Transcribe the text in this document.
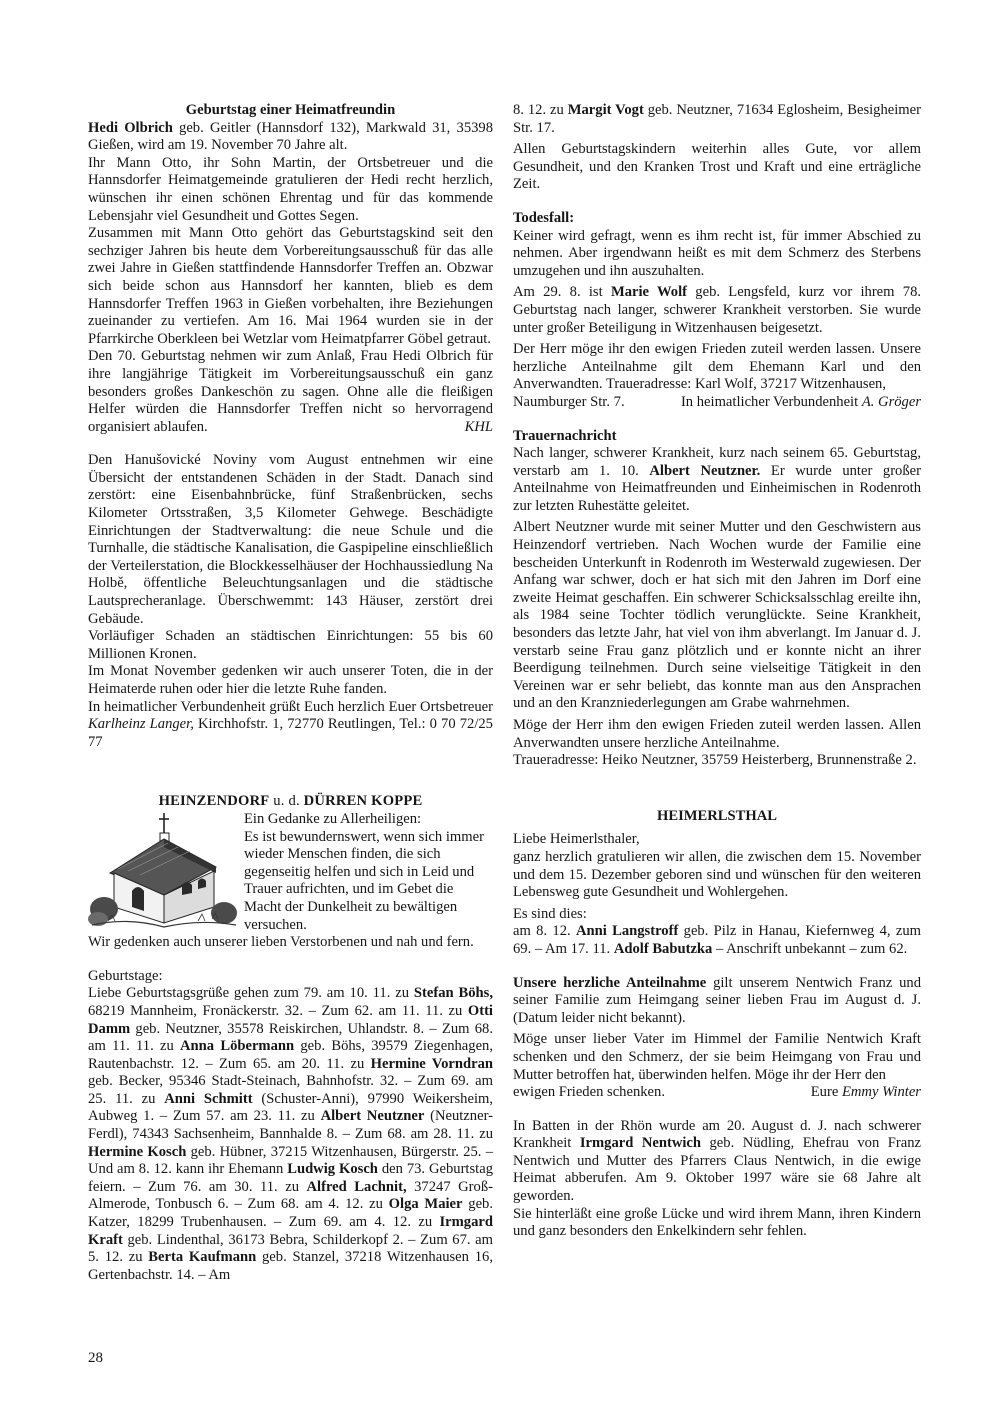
Geburtstag einer Heimatfreundin

Hedi Olbrich geb. Geitler (Hannsdorf 132), Markwald 31, 35398 Gießen, wird am 19. November 70 Jahre alt.

Ihr Mann Otto, ihr Sohn Martin, der Ortsbetreuer und die Hannsdorfer Heimatgemeinde gratulieren der Hedi recht herzlich, wünschen ihr einen schönen Ehrentag und für das kommende Lebensjahr viel Gesundheit und Gottes Segen.

Zusammen mit Mann Otto gehört das Geburtstagskind seit den sechziger Jahren bis heute dem Vorbereitungsausschuß für das alle zwei Jahre in Gießen stattfindende Hannsdorfer Treffen an. Obzwar sich beide schon aus Hannsdorf her kannten, blieb es dem Hannsdorfer Treffen 1963 in Gießen vorbehalten, ihre Beziehungen zueinander zu vertiefen. Am 16. Mai 1964 wurden sie in der Pfarrkirche Oberkleen bei Wetzlar vom Heimatpfarrer Göbel getraut.

Den 70. Geburtstag nehmen wir zum Anlaß, Frau Hedi Olbrich für ihre langjährige Tätigkeit im Vorbereitungsausschuß ein ganz besonders großes Dankeschön zu sagen. Ohne alle die fleißigen Helfer würden die Hannsdorfer Treffen nicht so hervorragend organisiert ablaufen.	KHL

Den Hanušovické Noviny vom August entnehmen wir eine Übersicht der entstandenen Schäden in der Stadt. Danach sind zerstört: eine Eisenbahnbrücke, fünf Straßenbrücken, sechs Kilometer Ortsstraßen, 3,5 Kilometer Gehwege. Beschädigte Einrichtungen der Stadtverwaltung: die neue Schule und die Turnhalle, die städtische Kanalisation, die Gaspipeline einschließlich der Verteilerstation, die Blockkesselhäuser der Hochhaussiedlung Na Holbě, öffentliche Beleuchtungsanlagen und die städtische Lautsprecheranlage. Überschwemmt: 143 Häuser, zerstört drei Gebäude.

Vorläufiger Schaden an städtischen Einrichtungen: 55 bis 60 Millionen Kronen.

Im Monat November gedenken wir auch unserer Toten, die in der Heimaterde ruhen oder hier die letzte Ruhe fanden.

In heimatlicher Verbundenheit grüßt Euch herzlich Euer Ortsbetreuer Karlheinz Langer, Kirchhofstr. 1, 72770 Reutlingen, Tel.: 0 70 72/25 77

HEINZENDORF u. d. DÜRREN KOPPE

Ein Gedanke zu Allerheiligen:

Es ist bewundernswert, wenn sich immer wieder Menschen finden, die sich gegenseitig helfen und sich in Leid und Trauer aufrichten, und im Gebet die Macht der Dunkelheit zu bewältigen versuchen.

Wir gedenken auch unserer lieben Verstorbenen und nah und fern.

Geburtstage:

Liebe Geburtstagsgrüße gehen zum 79. am 10. 11. zu Stefan Böhs, 68219 Mannheim, Fronäckerstr. 32. – Zum 62. am 11. 11. zu Otti Damm geb. Neutzner, 35578 Reiskirchen, Uhlandstr. 8. – Zum 68. am 11. 11. zu Anna Löbermann geb. Böhs, 39579 Ziegenhagen, Rautenbachstr. 12. – Zum 65. am 20. 11. zu Hermine Vorndran geb. Becker, 95346 Stadt-Steinach, Bahnhofstr. 32. – Zum 69. am 25. 11. zu Anni Schmitt (Schuster-Anni), 97990 Weikersheim, Aubweg 1. – Zum 57. am 23. 11. zu Albert Neutzner (Neutzner-Ferdl), 74343 Sachsenheim, Bannhalde 8. – Zum 68. am 28. 11. zu Hermine Kosch geb. Hübner, 37215 Witzenhausen, Bürgerstr. 25. – Und am 8. 12. kann ihr Ehemann Ludwig Kosch den 73. Geburtstag feiern. – Zum 76. am 30. 11. zu Alfred Lachnit, 37247 Groß-Almerode, Tonbusch 6. – Zum 68. am 4. 12. zu Olga Maier geb. Katzer, 18299 Trubenhausen. – Zum 69. am 4. 12. zu Irmgard Kraft geb. Lindenthal, 36173 Bebra, Schilderkopf 2. – Zum 67. am 5. 12. zu Berta Kaufmann geb. Stanzel, 37218 Witzenhausen 16, Gertenbachstr. 14. – Am

8. 12. zu Margit Vogt geb. Neutzner, 71634 Eglosheim, Besigheimer Str. 17.

Allen Geburtstagskindern weiterhin alles Gute, vor allem Gesundheit, und den Kranken Trost und Kraft und eine erträgliche Zeit.

Todesfall:

Keiner wird gefragt, wenn es ihm recht ist, für immer Abschied zu nehmen. Aber irgendwann heißt es mit dem Schmerz des Sterbens umzugehen und ihn auszuhalten.

Am 29. 8. ist Marie Wolf geb. Lengsfeld, kurz vor ihrem 78. Geburtstag nach langer, schwerer Krankheit verstorben. Sie wurde unter großer Beteiligung in Witzenhausen beigesetzt.

Der Herr möge ihr den ewigen Frieden zuteil werden lassen. Unsere herzliche Anteilnahme gilt dem Ehemann Karl und den Anverwandten. Traueradresse: Karl Wolf, 37217 Witzenhausen,

Naumburger Str. 7.	In heimatlicher Verbundenheit A. Gröger

Trauernachricht

Nach langer, schwerer Krankheit, kurz nach seinem 65. Geburtstag, verstarb am 1. 10. Albert Neutzner. Er wurde unter großer Anteilnahme von Heimatfreunden und Einheimischen in Rodenroth zur letzten Ruhestätte geleitet.

Albert Neutzner wurde mit seiner Mutter und den Geschwistern aus Heinzendorf vertrieben. Nach Wochen wurde der Familie eine bescheiden Unterkunft in Rodenroth im Westerwald zugewiesen. Der Anfang war schwer, doch er hat sich mit den Jahren im Dorf eine zweite Heimat geschaffen. Ein schwerer Schicksalsschlag ereilte ihn, als 1984 seine Tochter tödlich verunglückte. Seine Krankheit, besonders das letzte Jahr, hat viel von ihm abverlangt. Im Januar d. J. verstarb seine Frau ganz plötzlich und er konnte nicht an ihrer Beerdigung teilnehmen. Durch seine vielseitige Tätigkeit in den Vereinen war er sehr beliebt, das konnte man aus den Ansprachen und an den Kranzniederlegungen am Grabe wahrnehmen.

Möge der Herr ihm den ewigen Frieden zuteil werden lassen. Allen Anverwandten unsere herzliche Anteilnahme.

Traueradresse: Heiko Neutzner, 35759 Heisterberg, Brunnenstraße 2.

HEIMERLSTHAL

Liebe Heimerlsthaler,

ganz herzlich gratulieren wir allen, die zwischen dem 15. November und dem 15. Dezember geboren sind und wünschen für den weiteren Lebensweg gute Gesundheit und Wohlergehen.

Es sind dies:

am 8. 12. Anni Langstroff geb. Pilz in Hanau, Kiefernweg 4, zum 69. – Am 17. 11. Adolf Babutzka – Anschrift unbekannt – zum 62.

Unsere herzliche Anteilnahme gilt unserem Nentwich Franz und seiner Familie zum Heimgang seiner lieben Frau im August d. J. (Datum leider nicht bekannt).

Möge unser lieber Vater im Himmel der Familie Nentwich Kraft schenken und den Schmerz, der sie beim Heimgang von Frau und Mutter betroffen hat, überwinden helfen. Möge ihr der Herr den

ewigen Frieden schenken.	Eure Emmy Winter

In Batten in der Rhön wurde am 20. August d. J. nach schwerer Krankheit Irmgard Nentwich geb. Nüdling, Ehefrau von Franz Nentwich und Mutter des Pfarrers Claus Nentwich, in die ewige Heimat abberufen. Am 9. Oktober 1997 wäre sie 68 Jahre alt geworden.

Sie hinterläßt eine große Lücke und wird ihrem Mann, ihren Kindern und ganz besonders den Enkelkindern sehr fehlen.

28
